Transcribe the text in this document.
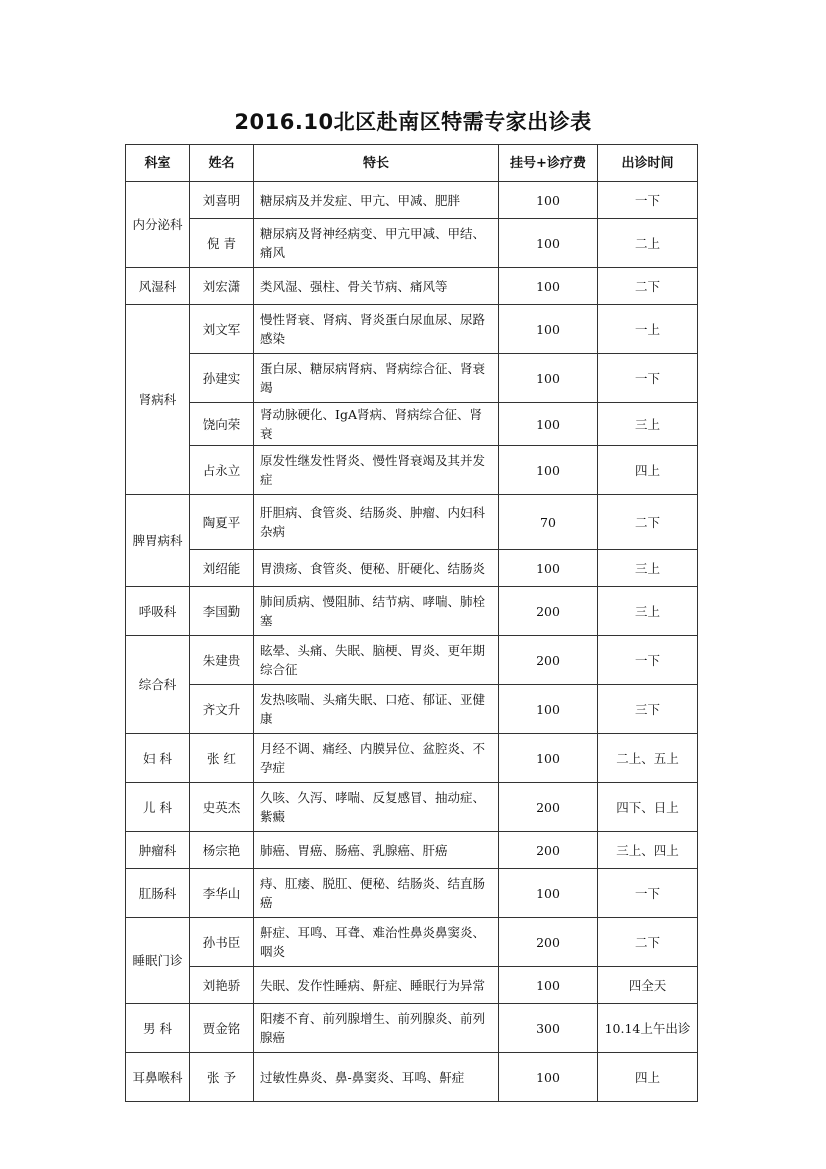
2016.10北区赴南区特需专家出诊表
科室	姓名	特长	挂号+诊疗费	出诊时间
内分泌科	刘喜明	糖尿病及并发症、甲亢、甲减、肥胖	100	一下
	倪 青	糖尿病及肾神经病变、甲亢甲减、甲结、痛风	100	二上
风湿科	刘宏潇	类风湿、强柱、骨关节病、痛风等	100	二下
肾病科	刘文军	慢性肾衰、肾病、肾炎蛋白尿血尿、尿路感染	100	一上
	孙建实	蛋白尿、糖尿病肾病、肾病综合征、肾衰竭	100	一下
	饶向荣	肾动脉硬化、IgA肾病、肾病综合征、肾衰	100	三上
	占永立	原发性继发性肾炎、慢性肾衰竭及其并发症	100	四上
脾胃病科	陶夏平	肝胆病、食管炎、结肠炎、肿瘤、内妇科杂病	70	二下
	刘绍能	胃溃疡、食管炎、便秘、肝硬化、结肠炎	100	三上
呼吸科	李国勤	肺间质病、慢阻肺、结节病、哮喘、肺栓塞	200	三上
综合科	朱建贵	眩晕、头痛、失眠、脑梗、胃炎、更年期综合征	200	一下
	齐文升	发热咳喘、头痛失眠、口疮、郁证、亚健康	100	三下
妇 科	张 红	月经不调、痛经、内膜异位、盆腔炎、不孕症	100	二上、五上
儿 科	史英杰	久咳、久泻、哮喘、反复感冒、抽动症、紫癜	200	四下、日上
肿瘤科	杨宗艳	肺癌、胃癌、肠癌、乳腺癌、肝癌	200	三上、四上
肛肠科	李华山	痔、肛瘘、脱肛、便秘、结肠炎、结直肠癌	100	一下
睡眠门诊	孙书臣	鼾症、耳鸣、耳聋、难治性鼻炎鼻窦炎、咽炎	200	二下
	刘艳骄	失眠、发作性睡病、鼾症、睡眠行为异常	100	四全天
男 科	贾金铭	阳痿不育、前列腺增生、前列腺炎、前列腺癌	300	10.14上午出诊
耳鼻喉科	张 予	过敏性鼻炎、鼻-鼻窦炎、耳鸣、鼾症	100	四上
